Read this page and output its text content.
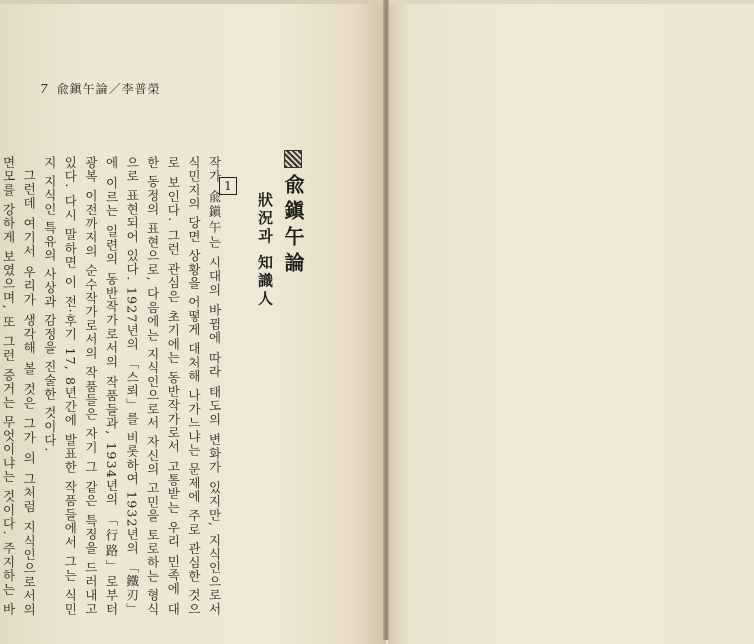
7 兪鎭午論／李普榮
兪鎭午論
1
狀況과 知識人

작가 兪鎭午는 시대의 바뀜에 따라 태도의 변화가 있지만, 지식인으로서 식민지의 당면 상황을 어떻게 대처해 나가느냐는 문제에 주로 관심한 것으로 보인다. 그런 관심은 초기에는 동반작가로서 고통받는 우리 민족에 대한 동정의 표현으로, 다음에는 지식인으로서 자신의 고민을 토로하는 형식으로 표현되어 있다. 1927년의 「스뢰」를 비롯하여 1932년의 「鐵刃」에 이르는 일련의 동반작가로서의 작품들과, 1934년의 「行路」로부터 광복 이전까지의 순수작가로서의 작품들은 자기 그 같은 특징을 드러내고 있다. 다시 말하면 이 전·후기 17, 8년간에 발표한 작품들에서 그는 식민지 지식인 특유의 사상과 감정을 진술한 것이다.

그런데 여기서 우리가 생각해 볼 것은 그가 의 그처럼 지식인으로서의 면모를 강하게 보였으며, 또 그런 증거는 무엇이냐는 것이다. 주지하는 바
